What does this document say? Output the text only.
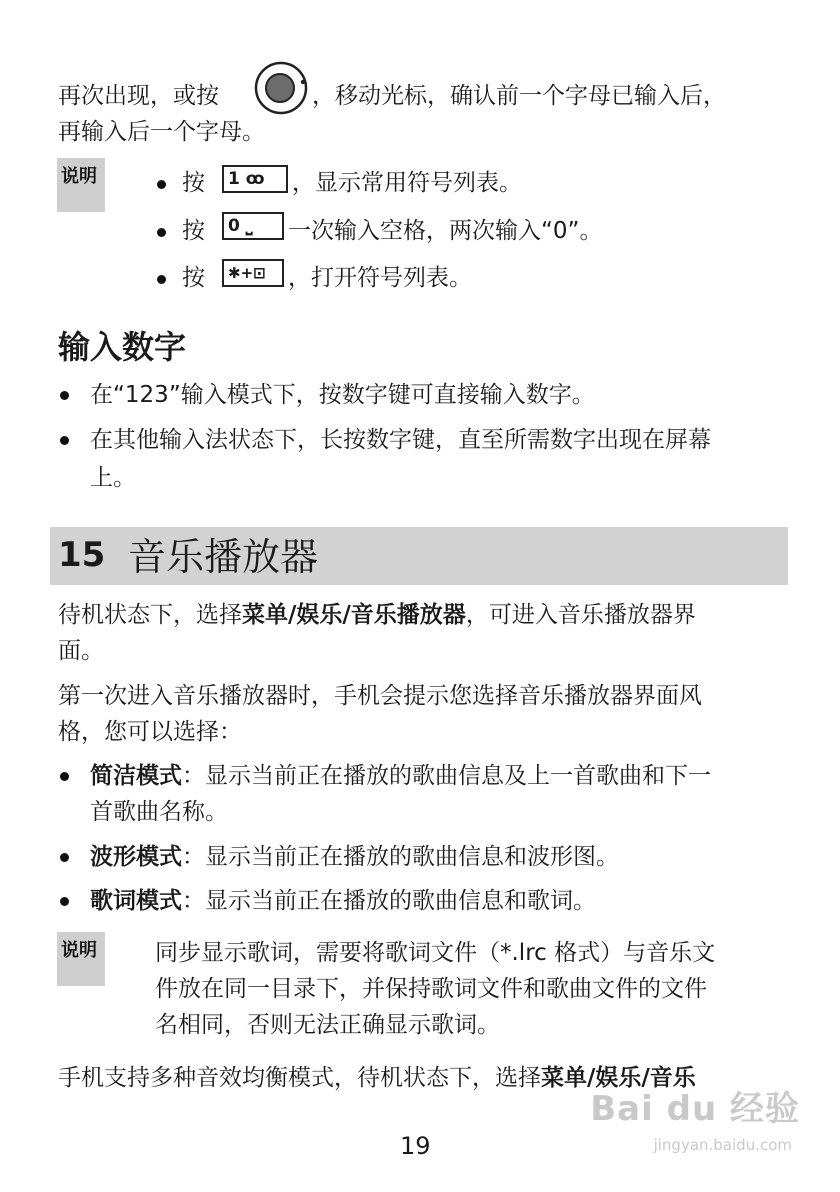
再次出现，或按	，移动光标，确认前一个字母已输入后，
再输入后一个字母。
说明	按	1 ꝏ	，显示常用符号列表。
按	0 ⎵	一次输入空格，两次输入“0”。
按	✱+⊡ ，打开符号列表。
输入数字
在“123”输入模式下，按数字键可直接输入数字。
在其他输入法状态下，长按数字键，直至所需数字出现在屏幕
上。
15 音乐播放器
待机状态下，选择菜单/娱乐/音乐播放器，可进入音乐播放器界
面。
第一次进入音乐播放器时，手机会提示您选择音乐播放器界面风
格，您可以选择：
简洁模式：显示当前正在播放的歌曲信息及上一首歌曲和下一
首歌曲名称。
波形模式：显示当前正在播放的歌曲信息和波形图。
歌词模式：显示当前正在播放的歌曲信息和歌词。
说明	同步显示歌词，需要将歌词文件（*.lrc 格式）与音乐文
件放在同一目录下，并保持歌词文件和歌曲文件的文件
名相同，否则无法正确显示歌词。
手机支持多种音效均衡模式，待机状态下，选择菜单/娱乐/音乐
19
Bai du 经验
jingyan.baidu.com
